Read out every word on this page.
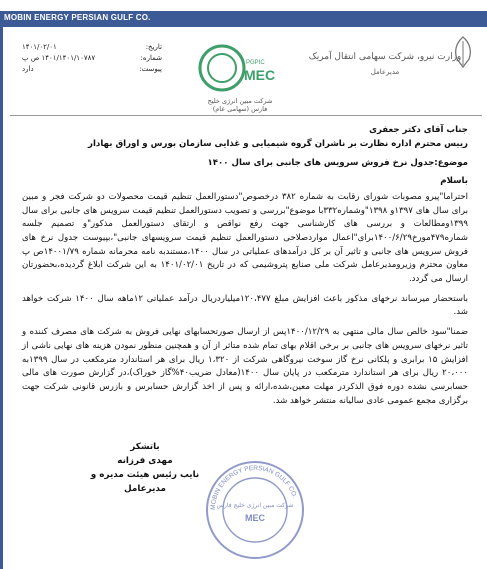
MOBIN ENERGY PERSIAN GULF CO.
تاریخ:
۱۴۰۱/۰۲/۰۱
شماره:
۱۴۰۱/۱۴۰۱/۱۰۷۸۷ ص پ
پیوست:
دارد	MEC
PGPIC
شرکت مبین انرژی خلیج فارس (سهامی عام)
وزارت نیرو، شرکت سهامی انتقال آمریک
مدیرعامل

جناب آقای دکتر جعفری

رییس محترم اداره نظارت بر ناشران گروه شیمیایی و غذایی سازمان بورس و اوراق بهادار

موضوع:جدول نرخ فروش سرویس های جانبی برای سال ۱۴۰۰

باسلام

احتراما"پیرو مصوبات شورای رقابت به شماره ۳۸۲ درخصوص"دستورالعمل تنظیم قیمت محصولات دو شرکت فجر و مبین برای سال های ۱۳۹۷و ۱۳۹۸"وشماره۳۳۲با موضوع"بررسی و تصویب دستورالعمل تنظیم قیمت سرویس های جانبی برای سال ۱۳۹۹ومطالعات و بررسی های کارشناسی جهت رفع نواقص و ارتقای دستورالعمل مذکور"و تصمیم جلسه شماره۴۷۹مورخ۱۴۰۰/۶/۲۹برای"اعمال مواردصلاحی دستورالعمل تنظیم قیمت سرویسهای جانبی"،بپیوست جدول نرخ های فروش سرویس های جانبی و تاثیر آن بر کل درآمدهای عملیاتی در سال ۱۴۰۰،مستندبه نامه محرمانه شماره ۱۴۰۰۱/۷۹ص پ معاون محترم وزیرومدیرعامل شرکت ملی صنایع پتروشیمی که در تاریخ ۱۴۰۱/۰۲/۰۱ به این شرکت ابلاغ گردیده،بحضورتان ارسال می گردد.

باستحضار میرساند نرخهای مذکور باعث افزایش مبلغ ۱۲۰،۴۷۷میلیاردریال درآمد عملیاتی ۱۲ماهه سال ۱۴۰۰ شرکت خواهد شد.

ضمنا"سود خالص سال مالی منتهی به ۱۴۰۰/۱۲/۲۹پس از ارسال صورتحسابهای نهایی فروش به شرکت های مصرف کننده و تاثیر نرخهای سرویس های جانبی بر برخی اقلام بهای تمام شده متاثر از آن و همچنین منظور نمودن هزینه های نهایی ناشی از افزایش ۱۵ برابری و پلکانی نرخ گاز سوخت نیروگاهی شرکت از ۱،۳۲۰ ریال برای هر استاندارد مترمکعب در سال ۱۳۹۹به ۲۰،۰۰۰ ریال برای هر استاندارد مترمکعب در پایان سال ۱۴۰۰(معادل ضریب۴۰%گاز خوراک)،در گزارش صورت های مالی حسابرسی نشده دوره فوق الذکردر مهلت معین،شده،ارائه و پس از اخذ گزارش حسابرس و بازرس قانونی شرکت جهت برگزاری مجمع عمومی عادی سالیانه منتشر خواهد شد.

باتشکر
مهدی فرزانه
نایب رئیس هیئت مدیره و مدیرعامل
MOBIN ENERGY PERSIAN GULF CO.
شرکت مبین انرژی خلیج فارس
MEC
